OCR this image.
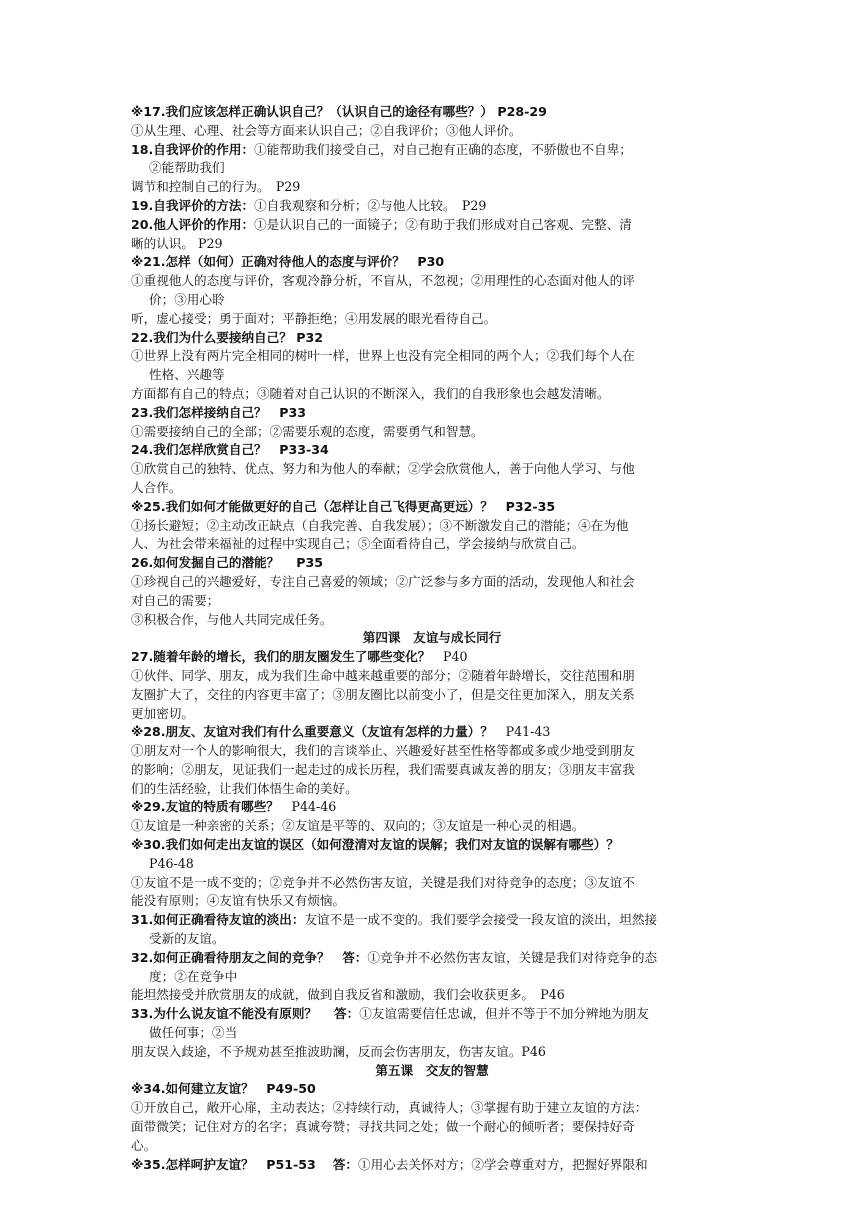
※17.我们应该怎样正确认识自己？（认识自己的途径有哪些？） P28-29
①从生理、心理、社会等方面来认识自己；②自我评价；③他人评价。
18.自我评价的作用：①能帮助我们接受自己，对自己抱有正确的态度，不骄傲也不自卑；
②能帮助我们
调节和控制自己的行为。　P29
19.自我评价的方法：①自我观察和分析；②与他人比较。　P29
20.他人评价的作用：①是认识自己的一面镜子；②有助于我们形成对自己客观、完整、清
晰的认识。 P29
※21.怎样（如何）正确对待他人的态度与评价？　P30
①重视他人的态度与评价，客观冷静分析，不盲从，不忽视；②用理性的心态面对他人的评
价；③用心聆
听，虚心接受；勇于面对；平静拒绝；④用发展的眼光看待自己。
22.我们为什么要接纳自己？ P32
①世界上没有两片完全相同的树叶一样，世界上也没有完全相同的两个人；②我们每个人在
性格、兴趣等
方面都有自己的特点；③随着对自己认识的不断深入，我们的自我形象也会越发清晰。
23.我们怎样接纳自己？　P33
①需要接纳自己的全部；②需要乐观的态度，需要勇气和智慧。
24.我们怎样欣赏自己？　P33-34
①欣赏自己的独特、优点、努力和为他人的奉献；②学会欣赏他人，善于向他人学习、与他
人合作。
※25.我们如何才能做更好的自己（怎样让自己飞得更高更远）？　P32-35
①扬长避短；②主动改正缺点（自我完善、自我发展）；③不断激发自己的潜能；④在为他
人、为社会带来福祉的过程中实现自己；⑤全面看待自己，学会接纳与欣赏自己。
26.如何发掘自己的潜能？　 P35
①珍视自己的兴趣爱好，专注自己喜爱的领域；②广泛参与多方面的活动，发现他人和社会
对自己的需要；
③积极合作，与他人共同完成任务。
第四课　友谊与成长同行
27.随着年龄的增长，我们的朋友圈发生了哪些变化？　P40
①伙伴、同学、朋友，成为我们生命中越来越重要的部分；②随着年龄增长，交往范围和朋
友圈扩大了，交往的内容更丰富了；③朋友圈比以前变小了，但是交往更加深入，朋友关系
更加密切。
※28.朋友、友谊对我们有什么重要意义（友谊有怎样的力量）？　P41-43
①朋友对一个人的影响很大，我们的言谈举止、兴趣爱好甚至性格等都或多或少地受到朋友
的影响；②朋友，见证我们一起走过的成长历程，我们需要真诚友善的朋友；③朋友丰富我
们的生活经验，让我们体悟生命的美好。
※29.友谊的特质有哪些？　P44-46
①友谊是一种亲密的关系；②友谊是平等的、双向的；③友谊是一种心灵的相遇。
※30.我们如何走出友谊的误区（如何澄清对友谊的误解；我们对友谊的误解有哪些）？
P46-48
①友谊不是一成不变的；②竞争并不必然伤害友谊，关键是我们对待竞争的态度；③友谊不
能没有原则；④友谊有快乐又有烦恼。
31.如何正确看待友谊的淡出：友谊不是一成不变的。我们要学会接受一段友谊的淡出，坦然接
受新的友谊。
32.如何正确看待朋友之间的竞争？　答：①竞争并不必然伤害友谊，关键是我们对待竞争的态
度；②在竞争中
能坦然接受并欣赏朋友的成就，做到自我反省和激励，我们会收获更多。　P46
33.为什么说友谊不能没有原则？　 答：①友谊需要信任忠诚，但并不等于不加分辨地为朋友
做任何事；②当
朋友误入歧途，不予规劝甚至推波助澜，反而会伤害朋友，伤害友谊。P46
第五课　交友的智慧
※34.如何建立友谊？　P49-50
①开放自己，敞开心扉，主动表达；②持续行动，真诚待人；③掌握有助于建立友谊的方法：
面带微笑；记住对方的名字；真诚夸赞；寻找共同之处；做一个耐心的倾听者；要保持好奇
心。
※35.怎样呵护友谊？　P51-53　 答：①用心去关怀对方；②学会尊重对方，把握好界限和
